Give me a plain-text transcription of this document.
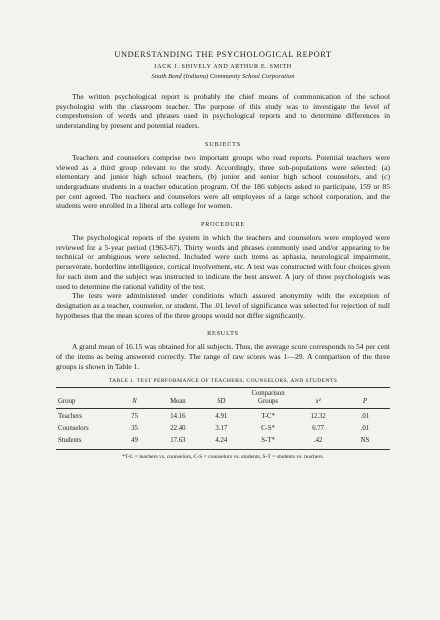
UNDERSTANDING THE PSYCHOLOGICAL REPORT
JACK J. SHIVELY AND ARTHUR E. SMITH
South Bend (Indiana) Community School Corporation

The written psychological report is probably the chief means of communication of the school psychologist with the classroom teacher. The purpose of this study was to investigate the level of comprehension of words and phrases used in psychological reports and to determine differences in understanding by present and potential readers.

SUBJECTS

Teachers and counselors comprise two important groups who read reports. Potential teachers were viewed as a third group relevant to the study. Accordingly, three sub-populations were selected: (a) elementary and junior high school teachers, (b) junior and senior high school counselors, and (c) undergraduate students in a teacher education program. Of the 186 subjects asked to participate, 159 or 85 per cent agreed. The teachers and counselors were all employees of a large school corporation, and the students were enrolled in a liberal arts college for women.

PROCEDURE

The psychological reports of the system in which the teachers and counselors were employed were reviewed for a 5-year period (1963-67). Thirty words and phrases commonly used and/or appearing to be technical or ambiguous were selected. Included were such items as aphasia, neurological impairment, perseverate, borderline intelligence, cortical involvement, etc. A test was constructed with four choices given for each item and the subject was instructed to indicate the best answer. A jury of three psychologists was used to determine the rational validity of the test.

The tests were administered under conditions which assured anonymity with the exception of designation as a teacher, counselor, or student. The .01 level of significance was selected for rejection of null hypotheses that the mean scores of the three groups would not differ significantly.

RESULTS

A grand mean of 16.15 was obtained for all subjects. Thus, the average score corresponds to 54 per cent of the items as being answered correctly. The range of raw scores was 1—29. A comparison of the three groups is shown in Table 1.

TABLE 1. TEST PERFORMANCE OF TEACHERS, COUNSELORS, AND STUDENTS
Group	N	Mean	SD	Comparison Groups	x²	P
Teachers	75	14.16	4.91	T-C*	12.32	.01
Counselors	35	22.40	3.17	C-S*	6.77	.01
Students	49	17.63	4.24	S-T*	.42	NS
*T-C = teachers vs. counselors, C-S = counselors vs. students, S-T = students vs. teachers.
